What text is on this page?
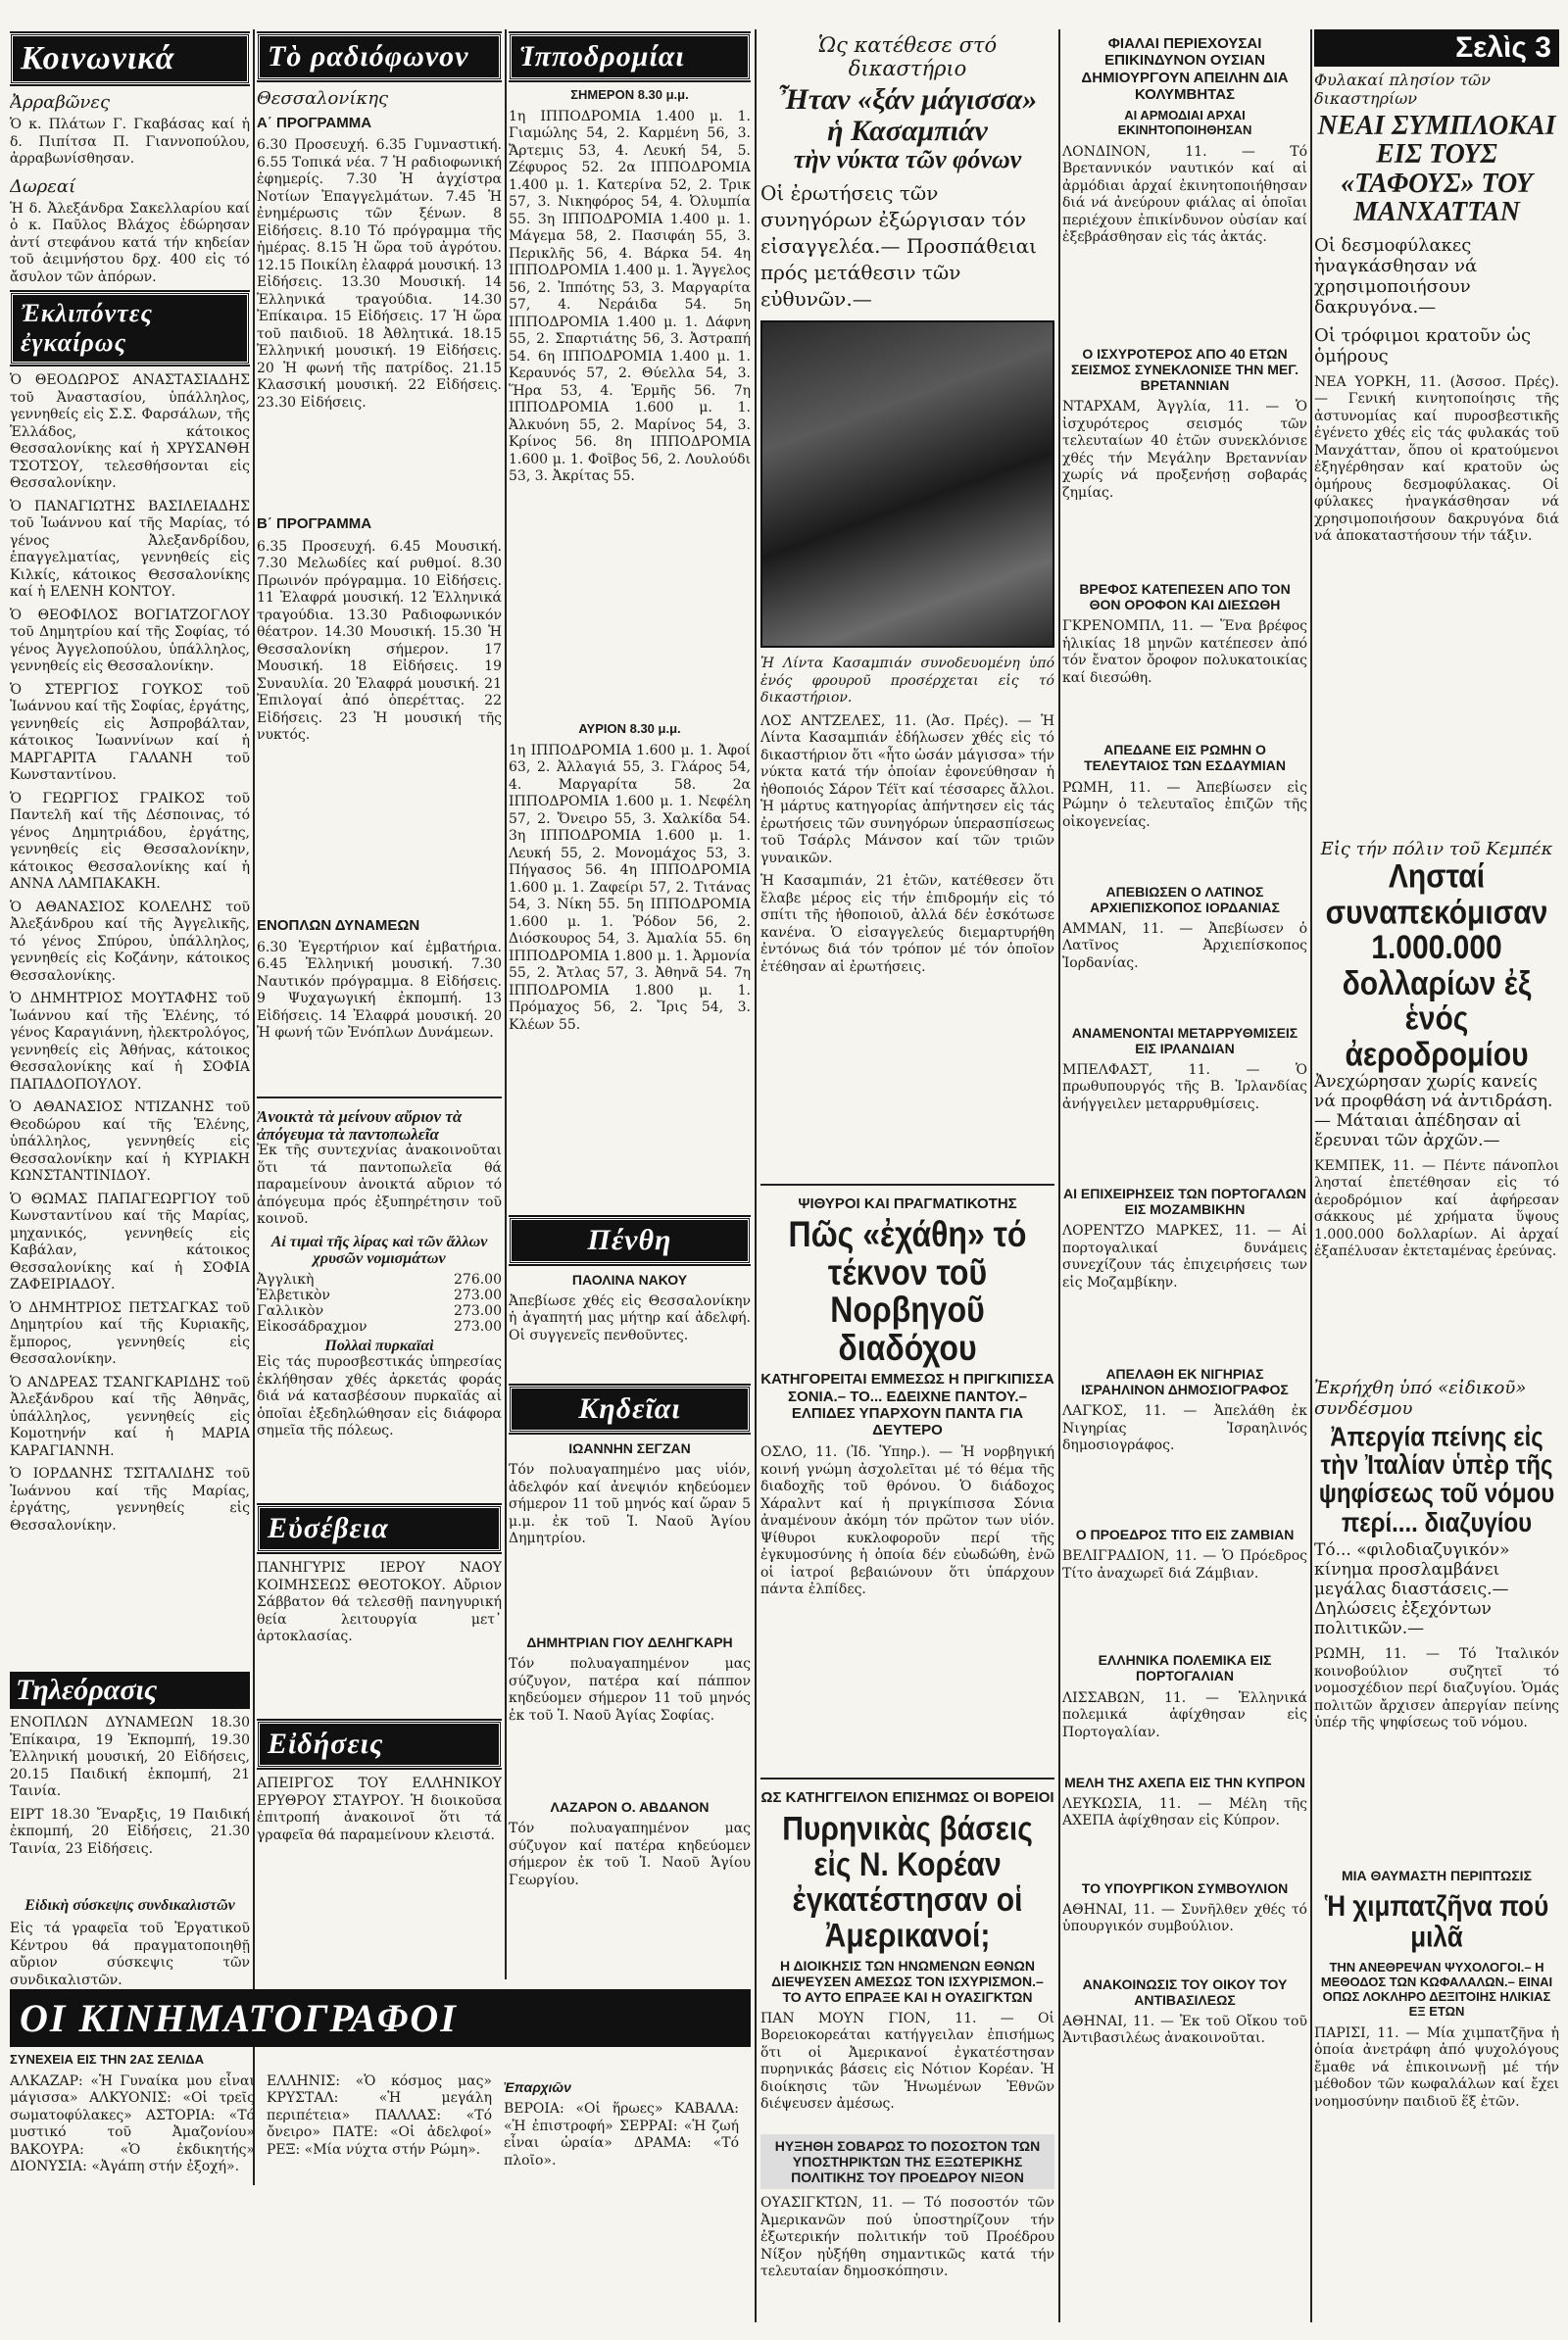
Κοινωνικά
Ἀρραβῶνες
Ὁ κ. Πλάτων Γ. Γκαβάσας καί ἡ δ. Πιπίτσα Π. Γιαννοπούλου, ἀρραβωνίσθησαν.
Δωρεαί

Ἡ δ. Ἀλεξάνδρα Σακελλαρίου καί ὁ κ. Παῦλος Βλάχος ἐδώρησαν ἀντί στεφάνου κατά τήν κηδείαν τοῦ ἀειμνήστου δρχ. 400 εἰς τό ἄσυλον τῶν ἀπόρων.

Ἐκλιπόντες ἐγκαίρως

Ὁ ΘΕΟΔΩΡΟΣ ΑΝΑΣΤΑΣΙΑΔΗΣ τοῦ Ἀναστασίου, ὑπάλληλος, γεννηθείς εἰς Σ.Σ. Φαρσάλων, τῆς Ἑλλάδος, κάτοικος Θεσσαλονίκης καί ἡ ΧΡΥΣΑΝΘΗ ΤΣΟΤΣΟΥ, τελεσθήσονται εἰς Θεσσαλονίκην.

Ὁ ΠΑΝΑΓΙΩΤΗΣ ΒΑΣΙΛΕΙΑΔΗΣ τοῦ Ἰωάννου καί τῆς Μαρίας, τό γένος Ἀλεξανδρίδου, ἐπαγγελματίας, γεννηθείς εἰς Κιλκίς, κάτοικος Θεσσαλονίκης καί ἡ ΕΛΕΝΗ ΚΟΝΤΟΥ.

Ὁ ΘΕΟΦΙΛΟΣ ΒΟΓΙΑΤΖΟΓΛΟΥ τοῦ Δημητρίου καί τῆς Σοφίας, τό γένος Ἀγγελοπούλου, ὑπάλληλος, γεννηθείς εἰς Θεσσαλονίκην.

Ὁ ΣΤΕΡΓΙΟΣ ΓΟΥΚΟΣ τοῦ Ἰωάννου καί τῆς Σοφίας, ἐργάτης, γεννηθείς εἰς Ἀσπροβάλταν, κάτοικος Ἰωαννίνων καί ἡ ΜΑΡΓΑΡΙΤΑ ΓΑΛΑΝΗ τοῦ Κωνσταντίνου.

Ὁ ΓΕΩΡΓΙΟΣ ΓΡΑΙΚΟΣ τοῦ Παντελῆ καί τῆς Δέσποινας, τό γένος Δημητριάδου, ἐργάτης, γεννηθείς εἰς Θεσσαλονίκην, κάτοικος Θεσσαλονίκης καί ἡ ΑΝΝΑ ΛΑΜΠΑΚΑΚΗ.

Ὁ ΑΘΑΝΑΣΙΟΣ ΚΟΛΕΛΗΣ τοῦ Ἀλεξάνδρου καί τῆς Ἀγγελικῆς, τό γένος Σπύρου, ὑπάλληλος, γεννηθείς εἰς Κοζάνην, κάτοικος Θεσσαλονίκης.

Ὁ ΔΗΜΗΤΡΙΟΣ ΜΟΥΤΑΦΗΣ τοῦ Ἰωάννου καί τῆς Ἑλένης, τό γένος Καραγιάννη, ἠλεκτρολόγος, γεννηθείς εἰς Ἀθήνας, κάτοικος Θεσσαλονίκης καί ἡ ΣΟΦΙΑ ΠΑΠΑΔΟΠΟΥΛΟΥ.

Ὁ ΑΘΑΝΑΣΙΟΣ ΝΤΙΖΑΝΗΣ τοῦ Θεοδώρου καί τῆς Ἑλένης, ὑπάλληλος, γεννηθείς εἰς Θεσσαλονίκην καί ἡ ΚΥΡΙΑΚΗ ΚΩΝΣΤΑΝΤΙΝΙΔΟΥ.

Ὁ ΘΩΜΑΣ ΠΑΠΑΓΕΩΡΓΙΟΥ τοῦ Κωνσταντίνου καί τῆς Μαρίας, μηχανικός, γεννηθείς εἰς Καβάλαν, κάτοικος Θεσσαλονίκης καί ἡ ΣΟΦΙΑ ΖΑΦΕΙΡΙΑΔΟΥ.

Ὁ ΔΗΜΗΤΡΙΟΣ ΠΕΤΣΑΓΚΑΣ τοῦ Δημητρίου καί τῆς Κυριακῆς, ἔμπορος, γεννηθείς εἰς Θεσσαλονίκην.

Ὁ ΑΝΔΡΕΑΣ ΤΣΑΝΓΚΑΡΙΔΗΣ τοῦ Ἀλεξάνδρου καί τῆς Ἀθηνᾶς, ὑπάλληλος, γεννηθείς εἰς Κομοτηνήν καί ἡ ΜΑΡΙΑ ΚΑΡΑΓΙΑΝΝΗ.

Ὁ ΙΟΡΔΑΝΗΣ ΤΣΙΤΑΛΙΔΗΣ τοῦ Ἰωάννου καί τῆς Μαρίας, ἐργάτης, γεννηθείς εἰς Θεσσαλονίκην.

Τηλεόρασις

ΕΝΟΠΛΩΝ ΔΥΝΑΜΕΩΝ 18.30 Ἐπίκαιρα, 19 Ἐκπομπή, 19.30 Ἑλληνική μουσική, 20 Εἰδήσεις, 20.15 Παιδική ἐκπομπή, 21 Ταινία.

ΕΙΡΤ 18.30 Ἔναρξις, 19 Παιδική ἐκπομπή, 20 Εἰδήσεις, 21.30 Ταινία, 23 Εἰδήσεις.

Εἰδικὴ σύσκεψις συνδικαλιστῶν

Εἰς τά γραφεῖα τοῦ Ἐργατικοῦ Κέντρου θά πραγματοποιηθῇ αὔριον σύσκεψις τῶν συνδικαλιστῶν.

Τὸ ραδιόφωνον
Θεσσαλονίκης
Α΄ ΠΡΟΓΡΑΜΜΑ

6.30 Προσευχή. 6.35 Γυμναστική. 6.55 Τοπικά νέα. 7 Ἡ ραδιοφωνική ἐφημερίς. 7.30 Ἡ ἀγχίστρα Νοτίων Ἐπαγγελμάτων. 7.45 Ἡ ἐνημέρωσις τῶν ξένων. 8 Εἰδήσεις. 8.10 Τό πρόγραμμα τῆς ἡμέρας. 8.15 Ἡ ὥρα τοῦ ἀγρότου. 12.15 Ποικίλη ἐλαφρά μουσική. 13 Εἰδήσεις. 13.30 Μουσική. 14 Ἑλληνικά τραγούδια. 14.30 Ἐπίκαιρα. 15 Εἰδήσεις. 17 Ἡ ὥρα τοῦ παιδιοῦ. 18 Ἀθλητικά. 18.15 Ἑλληνική μουσική. 19 Εἰδήσεις. 20 Ἡ φωνή τῆς πατρίδος. 21.15 Κλασσική μουσική. 22 Εἰδήσεις. 23.30 Εἰδήσεις.

Β΄ ΠΡΟΓΡΑΜΜΑ

6.35 Προσευχή. 6.45 Μουσική. 7.30 Μελωδίες καί ρυθμοί. 8.30 Πρωινόν πρόγραμμα. 10 Εἰδήσεις. 11 Ἐλαφρά μουσική. 12 Ἑλληνικά τραγούδια. 13.30 Ραδιοφωνικόν θέατρον. 14.30 Μουσική. 15.30 Ἡ Θεσσαλονίκη σήμερον. 17 Μουσική. 18 Εἰδήσεις. 19 Συναυλία. 20 Ἐλαφρά μουσική. 21 Ἐπιλογαί ἀπό ὀπερέττας. 22 Εἰδήσεις. 23 Ἡ μουσική τῆς νυκτός.

ΕΝΟΠΛΩΝ ΔΥΝΑΜΕΩΝ

6.30 Ἐγερτήριον καί ἐμβατήρια. 6.45 Ἑλληνική μουσική. 7.30 Ναυτικόν πρόγραμμα. 8 Εἰδήσεις. 9 Ψυχαγωγική ἐκπομπή. 13 Εἰδήσεις. 14 Ἐλαφρά μουσική. 20 Ἡ φωνή τῶν Ἐνόπλων Δυνάμεων.

Ἀνοικτὰ τὰ μείνουν αὔριον τὰ ἀπόγευμα τὰ παντοπωλεῖα

Ἐκ τῆς συντεχνίας ἀνακοινοῦται ὅτι τά παντοπωλεῖα θά παραμείνουν ἀνοικτά αὔριον τό ἀπόγευμα πρός ἐξυπηρέτησιν τοῦ κοινοῦ.

Αἱ τιμαὶ τῆς λίρας καὶ τῶν ἄλλων χρυσῶν νομισμάτων
Ἀγγλικὴ	276.00
Ἑλβετικὸν	273.00
Γαλλικὸν	273.00
Εἰκοσάδραχμον	273.00
Πολλαὶ πυρκαϊαὶ

Εἰς τάς πυροσβεστικάς ὑπηρεσίας ἐκλήθησαν χθές ἀρκετάς φοράς διά νά κατασβέσουν πυρκαϊάς αἱ ὁποῖαι ἐξεδηλώθησαν εἰς διάφορα σημεῖα τῆς πόλεως.

Εὐσέβεια

ΠΑΝΗΓΥΡΙΣ ΙΕΡΟΥ ΝΑΟΥ ΚΟΙΜΗΣΕΩΣ ΘΕΟΤΟΚΟΥ. Αὔριον Σάββατον θά τελεσθῇ πανηγυρική θεία λειτουργία μετ᾽ ἀρτοκλασίας.

Εἰδήσεις

ΑΠΕΙΡΓΟΣ ΤΟΥ ΕΛΛΗΝΙΚΟΥ ΕΡΥΘΡΟΥ ΣΤΑΥΡΟΥ. Ἡ διοικοῦσα ἐπιτροπή ἀνακοινοῖ ὅτι τά γραφεῖα θά παραμείνουν κλειστά.

Ἱπποδρομίαι
ΣΗΜΕΡΟΝ 8.30 μ.μ.

1η ΙΠΠΟΔΡΟΜΙΑ 1.400 μ. 1. Γιαμώλης 54, 2. Καρμένη 56, 3. Ἄρτεμις 53, 4. Λευκή 54, 5. Ζέφυρος 52. 2α ΙΠΠΟΔΡΟΜΙΑ 1.400 μ. 1. Κατερίνα 52, 2. Τρικ 57, 3. Νικηφόρος 54, 4. Ὀλυμπία 55. 3η ΙΠΠΟΔΡΟΜΙΑ 1.400 μ. 1. Μάγεμα 58, 2. Πασιφάη 55, 3. Περικλῆς 56, 4. Βάρκα 54. 4η ΙΠΠΟΔΡΟΜΙΑ 1.400 μ. 1. Ἄγγελος 56, 2. Ἰππότης 53, 3. Μαργαρίτα 57, 4. Νεράιδα 54. 5η ΙΠΠΟΔΡΟΜΙΑ 1.400 μ. 1. Δάφνη 55, 2. Σπαρτιάτης 56, 3. Ἀστραπή 54. 6η ΙΠΠΟΔΡΟΜΙΑ 1.400 μ. 1. Κεραυνός 57, 2. Θύελλα 54, 3. Ἥρα 53, 4. Ἑρμῆς 56. 7η ΙΠΠΟΔΡΟΜΙΑ 1.600 μ. 1. Ἀλκυόνη 55, 2. Μαρίνος 54, 3. Κρίνος 56. 8η ΙΠΠΟΔΡΟΜΙΑ 1.600 μ. 1. Φοῖβος 56, 2. Λουλούδι 53, 3. Ἀκρίτας 55.

ΑΥΡΙΟΝ 8.30 μ.μ.

1η ΙΠΠΟΔΡΟΜΙΑ 1.600 μ. 1. Ἀφοί 63, 2. Ἀλλαγιά 55, 3. Γλάρος 54, 4. Μαργαρίτα 58. 2α ΙΠΠΟΔΡΟΜΙΑ 1.600 μ. 1. Νεφέλη 57, 2. Ὄνειρο 55, 3. Χαλκίδα 54. 3η ΙΠΠΟΔΡΟΜΙΑ 1.600 μ. 1. Λευκή 55, 2. Μονομάχος 53, 3. Πήγασος 56. 4η ΙΠΠΟΔΡΟΜΙΑ 1.600 μ. 1. Ζαφείρι 57, 2. Τιτάνας 54, 3. Νίκη 55. 5η ΙΠΠΟΔΡΟΜΙΑ 1.600 μ. 1. Ῥόδον 56, 2. Διόσκουρος 54, 3. Ἀμαλία 55. 6η ΙΠΠΟΔΡΟΜΙΑ 1.800 μ. 1. Ἀρμονία 55, 2. Ἄτλας 57, 3. Ἀθηνᾶ 54. 7η ΙΠΠΟΔΡΟΜΙΑ 1.800 μ. 1. Πρόμαχος 56, 2. Ἴρις 54, 3. Κλέων 55.

Πένθη
ΠΑΟΛΙΝΑ ΝΑΚΟΥ

Ἀπεβίωσε χθές εἰς Θεσσαλονίκην ἡ ἀγαπητή μας μήτηρ καί ἀδελφή. Οἱ συγγενεῖς πενθοῦντες.

Κηδεῖαι
ΙΩΑΝΝΗΝ ΣΕΓΖΑΝ

Τόν πολυαγαπημένο μας υἱόν, ἀδελφόν καί ἀνεψιόν κηδεύομεν σήμερον 11 τοῦ μηνός καί ὥραν 5 μ.μ. ἐκ τοῦ Ἱ. Ναοῦ Ἁγίου Δημητρίου.

ΔΗΜΗΤΡΙΑΝ ΓΙΟΥ ΔΕΛΗΓΚΑΡΗ

Τόν πολυαγαπημένον μας σύζυγον, πατέρα καί πάππον κηδεύομεν σήμερον 11 τοῦ μηνός ἐκ τοῦ Ἱ. Ναοῦ Ἁγίας Σοφίας.

ΛΑΖΑΡΟΝ Ο. ΑΒΔΑΝΟΝ

Τόν πολυαγαπημένον μας σύζυγον καί πατέρα κηδεύομεν σήμερον ἐκ τοῦ Ἱ. Ναοῦ Ἁγίου Γεωργίου.

ΟΙ ΚΙΝΗΜΑΤΟΓΡΑΦΟΙ
ΣΥΝΕΧΕΙΑ ΕΙΣ ΤΗΝ 2ΑΣ ΣΕΛΙΔΑ

ΑΛΚΑΖΑΡ: «Ἡ Γυναίκα μου εἶναι μάγισσα» ΑΛΚΥΟΝΙΣ: «Οἱ τρεῖς σωματοφύλακες» ΑΣΤΟΡΙΑ: «Τό μυστικό τοῦ Ἀμαζονίου» ΒΑΚΟΥΡΑ: «Ὁ ἐκδικητής» ΔΙΟΝΥΣΙΑ: «Ἀγάπη στήν ἐξοχή».

ΕΛΛΗΝΙΣ: «Ὁ κόσμος μας» ΚΡΥΣΤΑΛ: «Ἡ μεγάλη περιπέτεια» ΠΑΛΛΑΣ: «Τό ὄνειρο» ΠΑΤΕ: «Οἱ ἀδελφοί» ΡΕΞ: «Μία νύχτα στήν Ρώμη».

Ἐπαρχιῶν

ΒΕΡΟΙΑ: «Οἱ ἥρωες» ΚΑΒΑΛΑ: «Ἡ ἐπιστροφή» ΣΕΡΡΑΙ: «Ἡ ζωή εἶναι ὡραία» ΔΡΑΜΑ: «Τό πλοῖο».

Ὡς κατέθεσε στό δικαστήριο
Ἦταν «ξάν μάγισσα»
ἡ Κασαμπιάν
τὴν νύκτα τῶν φόνων
Οἱ ἐρωτήσεις τῶν συνηγόρων ἐξώργισαν τόν εἰσαγγελέα.— Προσπάθειαι πρός μετάθεσιν τῶν εὐθυνῶν.—
Ἡ Λίντα Κασαμπιάν συνοδευομένη ὑπό ἑνός φρουροῦ προσέρχεται εἰς τό δικαστήριον.

ΛΟΣ ΑΝΤΖΕΛΕΣ, 11. (Ἀσ. Πρές). — Ἡ Λίντα Κασαμπιάν ἐδήλωσεν χθές εἰς τό δικαστήριον ὅτι «ἦτο ὡσάν μάγισσα» τήν νύκτα κατά τήν ὁποίαν ἐφονεύθησαν ἡ ἠθοποιός Σάρον Τέϊτ καί τέσσαρες ἄλλοι. Ἡ μάρτυς κατηγορίας ἀπήντησεν εἰς τάς ἐρωτήσεις τῶν συνηγόρων ὑπερασπίσεως τοῦ Τσάρλς Μάνσον καί τῶν τριῶν γυναικῶν.

Ἡ Κασαμπιάν, 21 ἐτῶν, κατέθεσεν ὅτι ἔλαβε μέρος εἰς τήν ἐπιδρομήν εἰς τό σπίτι τῆς ἠθοποιοῦ, ἀλλά δέν ἐσκότωσε κανένα. Ὁ εἰσαγγελεύς διεμαρτυρήθη ἐντόνως διά τόν τρόπον μέ τόν ὁποῖον ἐτέθησαν αἱ ἐρωτήσεις.

ΨΙΘΥΡΟΙ ΚΑΙ ΠΡΑΓΜΑΤΙΚΟΤΗΣ
Πῶς «ἐχάθη» τό τέκνον τοῦ Νορβηγοῦ διαδόχου
ΚΑΤΗΓΟΡΕΙΤΑΙ ΕΜΜΕΣΩΣ Η ΠΡΙΓΚΙΠΙΣΣΑ ΣΟΝΙΑ.– ΤΟ... ΕΔΕΙΧΝΕ ΠΑΝΤΟΥ.– ΕΛΠΙΔΕΣ ΥΠΑΡΧΟΥΝ ΠΑΝΤΑ ΓΙΑ ΔΕΥΤΕΡΟ

ΟΣΛΟ, 11. (Ἰδ. Ὑπηρ.). — Ἡ νορβηγική κοινή γνώμη ἀσχολεῖται μέ τό θέμα τῆς διαδοχῆς τοῦ θρόνου. Ὁ διάδοχος Χάραλντ καί ἡ πριγκίπισσα Σόνια ἀναμένουν ἀκόμη τόν πρῶτον των υἱόν. Ψίθυροι κυκλοφοροῦν περί τῆς ἐγκυμοσύνης ἡ ὁποία δέν εὐωδώθη, ἐνῶ οἱ ἰατροί βεβαιώνουν ὅτι ὑπάρχουν πάντα ἐλπίδες.

ΩΣ ΚΑΤΗΓΓΕΙΛΟΝ ΕΠΙΣΗΜΩΣ ΟΙ ΒΟΡΕΙΟΙ
Πυρηνικὰς βάσεις εἰς Ν. Κορέαν ἐγκατέστησαν οἱ Ἀμερικανοί;
Η ΔΙΟΙΚΗΣΙΣ ΤΩΝ ΗΝΩΜΕΝΩΝ ΕΘΝΩΝ ΔΙΕΨΕΥΣΕΝ ΑΜΕΣΩΣ ΤΟΝ ΙΣΧΥΡΙΣΜΟΝ.– ΤΟ ΑΥΤΟ ΕΠΡΑΞΕ ΚΑΙ Η ΟΥΑΣΙΓΚΤΩΝ

ΠΑΝ ΜΟΥΝ ΓΙΟΝ, 11. — Οἱ Βορειοκορεάται κατήγγειλαν ἐπισήμως ὅτι οἱ Ἀμερικανοί ἐγκατέστησαν πυρηνικάς βάσεις εἰς Νότιον Κορέαν. Ἡ διοίκησις τῶν Ἡνωμένων Ἐθνῶν διέψευσεν ἀμέσως.

ΗΥΞΗΘΗ ΣΟΒΑΡΩΣ ΤΟ ΠΟΣΟΣΤΟΝ ΤΩΝ ΥΠΟΣΤΗΡΙΚΤΩΝ ΤΗΣ ΕΞΩΤΕΡΙΚΗΣ ΠΟΛΙΤΙΚΗΣ ΤΟΥ ΠΡΟΕΔΡΟΥ ΝΙΞΟΝ

ΟΥΑΣΙΓΚΤΩΝ, 11. — Τό ποσοστόν τῶν Ἀμερικανῶν πού ὑποστηρίζουν τήν ἐξωτερικήν πολιτικήν τοῦ Προέδρου Νίξον ηὐξήθη σημαντικῶς κατά τήν τελευταίαν δημοσκόπησιν.

ΦΙΑΛΑΙ ΠΕΡΙΕΧΟΥΣΑΙ ΕΠΙΚΙΝΔΥΝΟΝ ΟΥΣΙΑΝ ΔΗΜΙΟΥΡΓΟΥΝ ΑΠΕΙΛΗΝ ΔΙΑ ΚΟΛΥΜΒΗΤΑΣ
ΑΙ ΑΡΜΟΔΙΑΙ ΑΡΧΑΙ ΕΚΙΝΗΤΟΠΟΙΗΘΗΣΑΝ

ΛΟΝΔΙΝΟΝ, 11. — Τό Βρεταννικόν ναυτικόν καί αἱ ἀρμόδιαι ἀρχαί ἐκινητοποιήθησαν διά νά ἀνεύρουν φιάλας αἱ ὁποῖαι περιέχουν ἐπικίνδυνον οὐσίαν καί ἐξεβράσθησαν εἰς τάς ἀκτάς.

Ο ΙΣΧΥΡΟΤΕΡΟΣ ΑΠΟ 40 ΕΤΩΝ ΣΕΙΣΜΟΣ ΣΥΝΕΚΛΟΝΙΣΕ ΤΗΝ ΜΕΓ. ΒΡΕΤΑΝΝΙΑΝ

ΝΤΑΡΧΑΜ, Ἀγγλία, 11. — Ὁ ἰσχυρότερος σεισμός τῶν τελευταίων 40 ἐτῶν συνεκλόνισε χθές τήν Μεγάλην Βρεταννίαν χωρίς νά προξενήσῃ σοβαράς ζημίας.

ΒΡΕΦΟΣ ΚΑΤΕΠΕΣΕΝ ΑΠΟ ΤΟΝ ΘΟΝ ΟΡΟΦΟΝ ΚΑΙ ΔΙΕΣΩΘΗ

ΓΚΡΕΝΟΜΠΛ, 11. — Ἕνα βρέφος ἡλικίας 18 μηνῶν κατέπεσεν ἀπό τόν ἔνατον ὄροφον πολυκατοικίας καί διεσώθη.

ΑΠΕΔΑΝΕ ΕΙΣ ΡΩΜΗΝ Ο ΤΕΛΕΥΤΑΙΟΣ ΤΩΝ ΕΣΔΑΥΜΙΑΝ

ΡΩΜΗ, 11. — Ἀπεβίωσεν εἰς Ρώμην ὁ τελευταῖος ἐπιζῶν τῆς οἰκογενείας.

ΑΠΕΒΙΩΣΕΝ Ο ΛΑΤΙΝΟΣ ΑΡΧΙΕΠΙΣΚΟΠΟΣ ΙΟΡΔΑΝΙΑΣ

ΑΜΜΑΝ, 11. — Ἀπεβίωσεν ὁ Λατῖνος Ἀρχιεπίσκοπος Ἰορδανίας.

ΑΝΑΜΕΝΟΝΤΑΙ ΜΕΤΑΡΡΥΘΜΙΣΕΙΣ ΕΙΣ ΙΡΛΑΝΔΙΑΝ

ΜΠΕΛΦΑΣΤ, 11. — Ὁ πρωθυπουργός τῆς Β. Ἰρλανδίας ἀνήγγειλεν μεταρρυθμίσεις.

ΑΙ ΕΠΙΧΕΙΡΗΣΕΙΣ ΤΩΝ ΠΟΡΤΟΓΑΛΩΝ ΕΙΣ ΜΟΖΑΜΒΙΚΗΝ

ΛΟΡΕΝΤΖΟ ΜΑΡΚΕΣ, 11. — Αἱ πορτογαλικαί δυνάμεις συνεχίζουν τάς ἐπιχειρήσεις των εἰς Μοζαμβίκην.

ΑΠΕΛΑΘΗ ΕΚ ΝΙΓΗΡΙΑΣ ΙΣΡΑΗΛΙΝΟΝ ΔΗΜΟΣΙΟΓΡΑΦΟΣ

ΛΑΓΚΟΣ, 11. — Ἀπελάθη ἐκ Νιγηρίας Ἰσραηλινός δημοσιογράφος.

Ο ΠΡΟΕΔΡΟΣ ΤΙΤΟ ΕΙΣ ΖΑΜΒΙΑΝ

ΒΕΛΙΓΡΑΔΙΟΝ, 11. — Ὁ Πρόεδρος Τίτο ἀναχωρεῖ διά Ζάμβιαν.

ΕΛΛΗΝΙΚΑ ΠΟΛΕΜΙΚΑ ΕΙΣ ΠΟΡΤΟΓΑΛΙΑΝ

ΛΙΣΣΑΒΩΝ, 11. — Ἑλληνικά πολεμικά ἀφίχθησαν εἰς Πορτογαλίαν.

ΜΕΛΗ ΤΗΣ ΑΧΕΠΑ ΕΙΣ ΤΗΝ ΚΥΠΡΟΝ

ΛΕΥΚΩΣΙΑ, 11. — Μέλη τῆς ΑΧΕΠΑ ἀφίχθησαν εἰς Κύπρον.

ΤΟ ΥΠΟΥΡΓΙΚΟΝ ΣΥΜΒΟΥΛΙΟΝ

ΑΘΗΝΑΙ, 11. — Συνῆλθεν χθές τό ὑπουργικόν συμβούλιον.

ΑΝΑΚΟΙΝΩΣΙΣ ΤΟΥ ΟΙΚΟΥ ΤΟΥ ΑΝΤΙΒΑΣΙΛΕΩΣ

ΑΘΗΝΑΙ, 11. — Ἐκ τοῦ Οἴκου τοῦ Ἀντιβασιλέως ἀνακοινοῦται.

Σελὶς 3
Φυλακαί πλησίον τῶν δικαστηρίων
ΝΕΑΙ ΣΥΜΠΛΟΚΑΙ ΕΙΣ ΤΟΥΣ «ΤΑΦΟΥΣ» ΤΟΥ ΜΑΝΧΑΤΤΑΝ
Οἱ δεσμοφύλακες ἠναγκάσθησαν νά χρησιμοποιήσουν δακρυγόνα.—
Οἱ τρόφιμοι κρατοῦν ὡς ὁμήρους

ΝΕΑ ΥΟΡΚΗ, 11. (Ἀσσοσ. Πρές). — Γενική κινητοποίησις τῆς ἀστυνομίας καί πυροσβεστικῆς ἐγένετο χθές εἰς τάς φυλακάς τοῦ Μανχάτταν, ὅπου οἱ κρατούμενοι ἐξηγέρθησαν καί κρατοῦν ὡς ὁμήρους δεσμοφύλακας. Οἱ φύλακες ἠναγκάσθησαν νά χρησιμοποιήσουν δακρυγόνα διά νά ἀποκαταστήσουν τήν τάξιν.

Εἰς τήν πόλιν τοῦ Κεμπέκ
Λησταί συναπεκόμισαν 1.000.000 δολλαρίων ἐξ ἑνός ἀεροδρομίου
Ἀνεχώρησαν χωρίς κανείς νά προφθάση νά ἀντιδράση.— Μάταιαι ἀπέδησαν αἱ ἔρευναι τῶν ἀρχῶν.—

ΚΕΜΠΕΚ, 11. — Πέντε πάνοπλοι λησταί ἐπετέθησαν εἰς τό ἀεροδρόμιον καί ἀφήρεσαν σάκκους μέ χρήματα ὕψους 1.000.000 δολλαρίων. Αἱ ἀρχαί ἐξαπέλυσαν ἐκτεταμένας ἐρεύνας.

Ἐκρήχθη ὑπό «εἰδικοῦ» συνδέσμου
Ἀπεργία πείνης εἰς τὴν Ἰταλίαν ὑπὲρ τῆς ψηφίσεως τοῦ νόμου περί.... διαζυγίου
Τό... «φιλοδιαζυγικόν» κίνημα προσλαμβάνει μεγάλας διαστάσεις.— Δηλώσεις ἐξεχόντων πολιτικῶν.—

ΡΩΜΗ, 11. — Τό Ἰταλικόν κοινοβούλιον συζητεῖ τό νομοσχέδιον περί διαζυγίου. Ὁμάς πολιτῶν ἄρχισεν ἀπεργίαν πείνης ὑπέρ τῆς ψηφίσεως τοῦ νόμου.

ΜΙΑ ΘΑΥΜΑΣΤΗ ΠΕΡΙΠΤΩΣΙΣ
Ἡ χιμπατζῆνα πού μιλᾶ
ΤΗΝ ΑΝΕΘΡΕΨΑΝ ΨΥΧΟΛΟΓΟΙ.– Η ΜΕΘΟΔΟΣ ΤΩΝ ΚΩΦΑΛΑΛΩΝ.– ΕΙΝΑΙ ΟΠΩΣ ΛΟΚΛΗΡΟ ΔΕΞΙΤΟΙΗΣ ΗΛΙΚΙΑΣ ΕΞ ΕΤΩΝ

ΠΑΡΙΣΙ, 11. — Μία χιμπατζῆνα ἡ ὁποία ἀνετράφη ἀπό ψυχολόγους ἔμαθε νά ἐπικοινωνῇ μέ τήν μέθοδον τῶν κωφαλάλων καί ἔχει νοημοσύνην παιδιοῦ ἕξ ἐτῶν.
